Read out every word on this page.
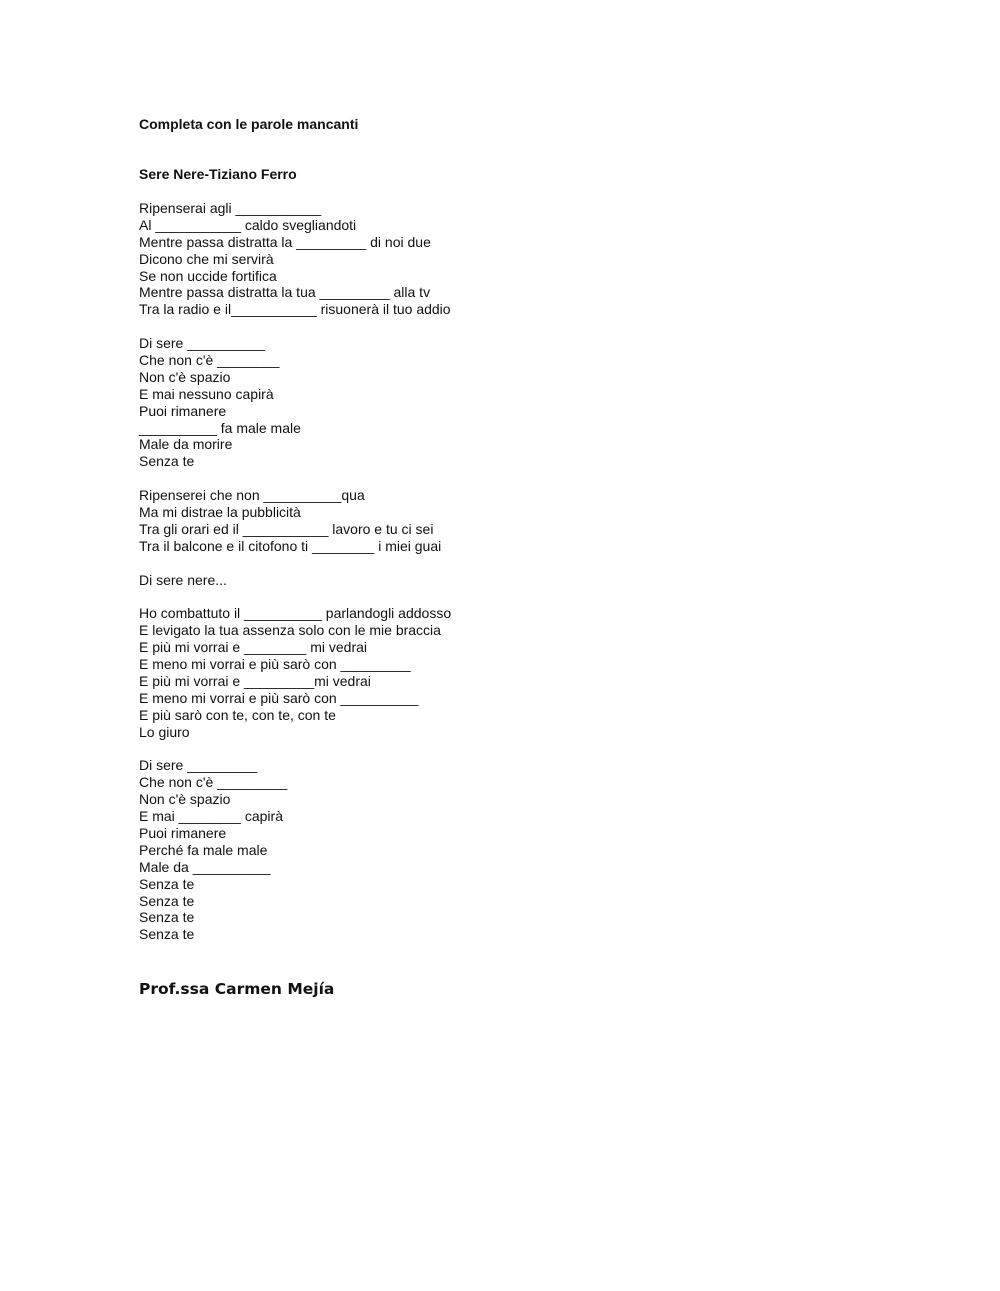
Completa con le parole mancanti
Sere Nere-Tiziano Ferro
Ripenserai agli ___________
Al ___________ caldo svegliandoti
Mentre passa distratta la _________ di noi due
Dicono che mi servirà
Se non uccide fortifica
Mentre passa distratta la tua _________ alla tv
Tra la radio e il___________ risuonerà il tuo addio
Di sere __________
Che non c'è ________
Non c'è spazio
E mai nessuno capirà
Puoi rimanere
__________ fa male male
Male da morire
Senza te
Ripenserei che non __________qua
Ma mi distrae la pubblicità
Tra gli orari ed il ___________ lavoro e tu ci sei
Tra il balcone e il citofono ti ________ i miei guai
Di sere nere...
Ho combattuto il __________ parlandogli addosso
E levigato la tua assenza solo con le mie braccia
E più mi vorrai e ________ mi vedrai
E meno mi vorrai e più sarò con _________
E più mi vorrai e _________mi vedrai
E meno mi vorrai e più sarò con __________
E più sarò con te, con te, con te
Lo giuro
Di sere _________
Che non c'è _________
Non c'è spazio
E mai ________ capirà
Puoi rimanere
Perché fa male male
Male da __________
Senza te
Senza te
Senza te
Senza te
Prof.ssa Carmen Mejía
